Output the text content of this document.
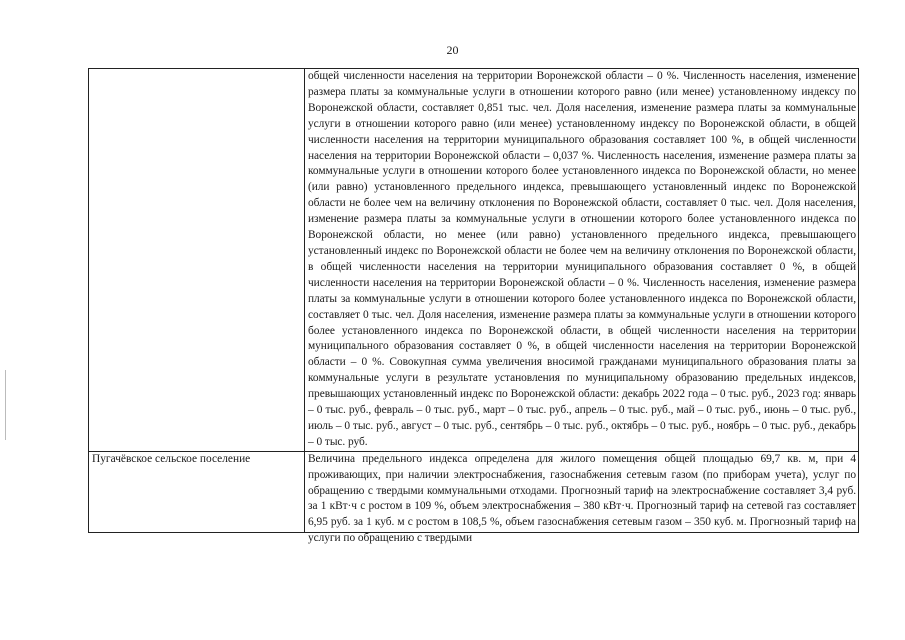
20

	общей численности населения на территории Воронежской области – 0 %. Численность населения, изменение размера платы за коммунальные услуги в отношении которого равно (или менее) установленному индексу по Воронежской области, составляет 0,851 тыс. чел. Доля населения, изменение размера платы за коммунальные услуги в отношении которого равно (или менее) установленному индексу по Воронежской области, в общей численности населения на территории муниципального образования составляет 100 %, в общей численности населения на территории Воронежской области – 0,037 %. Численность населения, изменение размера платы за коммунальные услуги в отношении которого более установленного индекса по Воронежской области, но менее (или равно) установленного предельного индекса, превышающего установленный индекс по Воронежской области не более чем на величину отклонения по Воронежской области, составляет 0 тыс. чел. Доля населения, изменение размера платы за коммунальные услуги в отношении которого более установленного индекса по Воронежской области, но менее (или равно) установленного предельного индекса, превышающего установленный индекс по Воронежской области не более чем на величину отклонения по Воронежской области, в общей численности населения на территории муниципального образования составляет 0 %, в общей численности населения на территории Воронежской области – 0 %. Численность населения, изменение размера платы за коммунальные услуги в отношении которого более установленного индекса по Воронежской области, составляет 0 тыс. чел. Доля населения, изменение размера платы за коммунальные услуги в отношении которого более установленного индекса по Воронежской области, в общей численности населения на территории муниципального образования составляет 0 %, в общей численности населения на территории Воронежской области – 0 %. Совокупная сумма увеличения вносимой гражданами муниципального образования платы за коммунальные услуги в результате установления по муниципальному образованию предельных индексов, превышающих установленный индекс по Воронежской области: декабрь 2022 года – 0 тыс. руб., 2023 год: январь – 0 тыс. руб., февраль – 0 тыс. руб., март – 0 тыс. руб., апрель – 0 тыс. руб., май – 0 тыс. руб., июнь – 0 тыс. руб., июль – 0 тыс. руб., август – 0 тыс. руб., сентябрь – 0 тыс. руб., октябрь – 0 тыс. руб., ноябрь – 0 тыс. руб., декабрь – 0 тыс. руб.

Пугачёвское сельское поселение	Величина предельного индекса определена для жилого помещения общей площадью 69,7 кв. м, при 4 проживающих, при наличии электроснабжения, газоснабжения сетевым газом (по приборам учета), услуг по обращению с твердыми коммунальными отходами. Прогнозный тариф на электроснабжение составляет 3,4 руб. за 1 кВт·ч с ростом в 109 %, объем электроснабжения – 380 кВт·ч. Прогнозный тариф на сетевой газ составляет 6,95 руб. за 1 куб. м с ростом в 108,5 %, объем газоснабжения сетевым газом – 350 куб. м. Прогнозный тариф на услуги по обращению с твердыми
